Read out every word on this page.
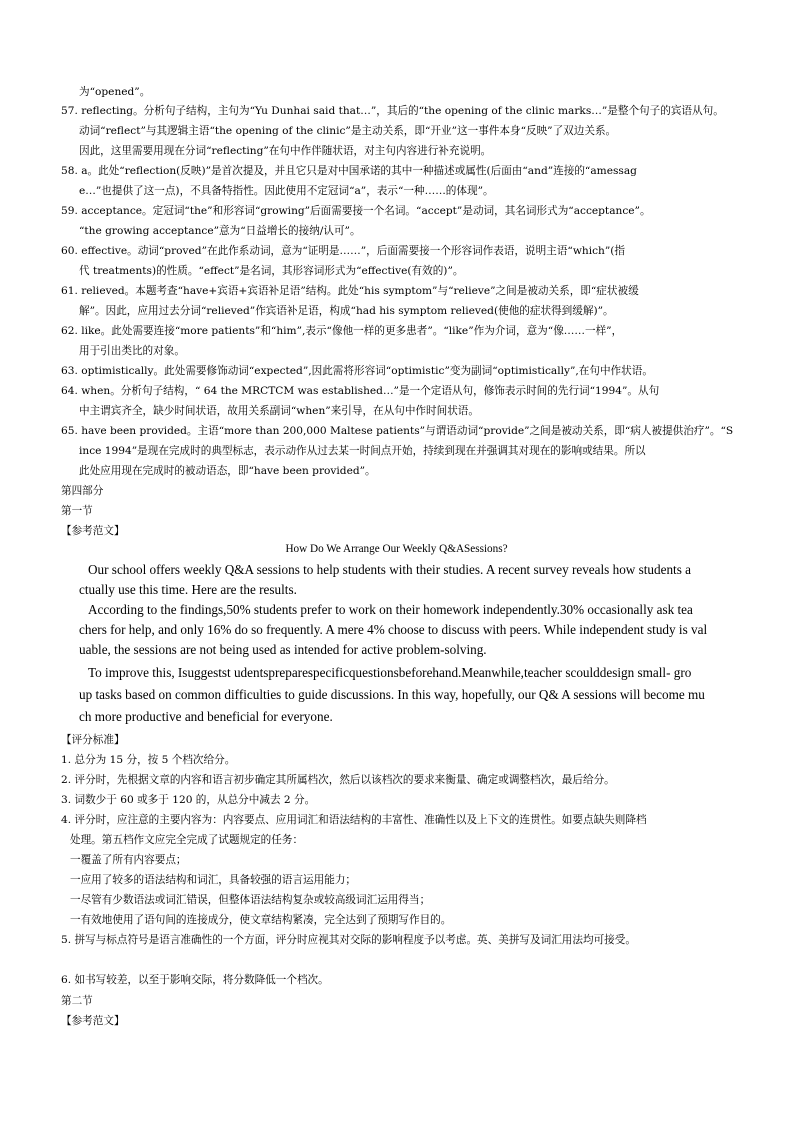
为“opened”。
57. reflecting。分析句子结构，主句为“Yu Dunhai said that…”，其后的“the opening of the clinic marks…”是整个句子的宾语从句。
动词“reflect”与其逻辑主语“the opening of the clinic”是主动关系，即“开业”这一事件本身“反映”了双边关系。
因此，这里需要用现在分词“reflecting”在句中作伴随状语，对主句内容进行补充说明。
58. a。此处“reflection(反映)”是首次提及，并且它只是对中国承诺的其中一种描述或属性(后面由“and”连接的“amessag
e…”也提供了这一点)，不具备特指性。因此使用不定冠词“a”，表示“一种……的体现”。
59. acceptance。定冠词“the”和形容词“growing”后面需要接一个名词。“accept”是动词，其名词形式为“acceptance”。
“the growing acceptance”意为“日益增长的接纳/认可”。
60. effective。动词“proved”在此作系动词，意为“证明是……”，后面需要接一个形容词作表语，说明主语“which”(指
代 treatments)的性质。“effect”是名词，其形容词形式为“effective(有效的)”。
61. relieved。本题考查“have+宾语+宾语补足语”结构。此处“his symptom”与“relieve”之间是被动关系，即“症状被缓
解”。因此，应用过去分词“relieved”作宾语补足语，构成“had his symptom relieved(使他的症状得到缓解)”。
62. like。此处需要连接“more patients”和“him”,表示“像他一样的更多患者”。“like”作为介词，意为“像……一样”，
用于引出类比的对象。
63. optimistically。此处需要修饰动词“expected”,因此需将形容词“optimistic”变为副词“optimistically”,在句中作状语。
64. when。分析句子结构，“ 64 the MRCTCM was established…”是一个定语从句，修饰表示时间的先行词“1994”。从句
中主谓宾齐全，缺少时间状语，故用关系副词“when”来引导，在从句中作时间状语。
65. have been provided。主语“more than 200,000 Maltese patients”与谓语动词“provide”之间是被动关系，即“病人被提供治疗”。“S
ince 1994”是现在完成时的典型标志，表示动作从过去某一时间点开始，持续到现在并强调其对现在的影响或结果。所以
此处应用现在完成时的被动语态，即“have been provided”。
第四部分
第一节
【参考范文】
How Do We Arrange Our Weekly Q&ASessions?
Our school offers weekly Q&A sessions to help students with their studies. A recent survey reveals how students a
ctually use this time. Here are the results.
According to the findings,50% students prefer to work on their homework independently.30% occasionally ask tea
chers for help, and only 16% do so frequently. A mere 4% choose to discuss with peers. While independent study is val
uable, the sessions are not being used as intended for active problem-solving.
To improve this, Isuggestst udentspreparespecificquestionsbeforehand.Meanwhile,teacher scoulddesign small- gro
up tasks based on common difficulties to guide discussions. In this way, hopefully, our Q& A sessions will become mu
ch more productive and beneficial for everyone.
【评分标准】
1. 总分为 15 分，按 5 个档次给分。
2. 评分时，先根据文章的内容和语言初步确定其所属档次，然后以该档次的要求来衡量、确定或调整档次，最后给分。
3. 词数少于 60 或多于 120 的，从总分中减去 2 分。
4. 评分时，应注意的主要内容为：内容要点、应用词汇和语法结构的丰富性、准确性以及上下文的连贯性。如要点缺失则降档
处理。第五档作文应完全完成了试题规定的任务：
一覆盖了所有内容要点；
一应用了较多的语法结构和词汇，具备较强的语言运用能力；
一尽管有少数语法或词汇错误，但整体语法结构复杂或较高级词汇运用得当；
一有效地使用了语句间的连接成分，使文章结构紧凑，完全达到了预期写作目的。
5. 拼写与标点符号是语言准确性的一个方面，评分时应视其对交际的影响程度予以考虑。英、美拼写及词汇用法均可接受。
6. 如书写较差，以至于影响交际，将分数降低一个档次。
第二节
【参考范文】
